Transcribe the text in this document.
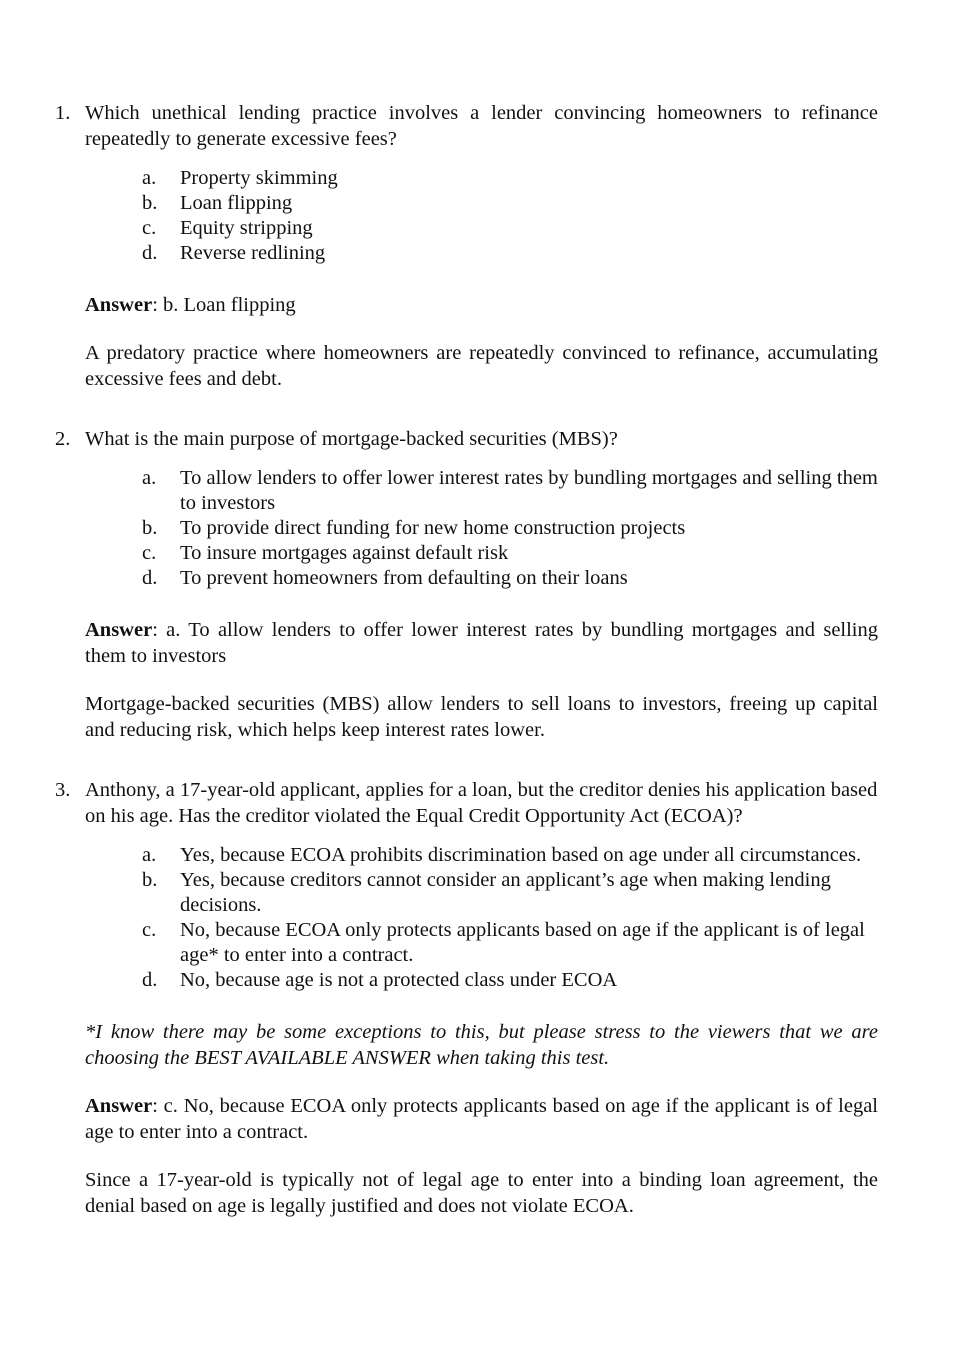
1. Which unethical lending practice involves a lender convincing homeowners to refinance repeatedly to generate excessive fees?

a.	Property skimming
b.	Loan flipping
c.	Equity stripping
d.	Reverse redlining

Answer: b. Loan flipping

A predatory practice where homeowners are repeatedly convinced to refinance, accumulating excessive fees and debt.

2. What is the main purpose of mortgage-backed securities (MBS)?

a.	To allow lenders to offer lower interest rates by bundling mortgages and selling them to investors
b.	To provide direct funding for new home construction projects
c.	To insure mortgages against default risk
d.	To prevent homeowners from defaulting on their loans

Answer: a. To allow lenders to offer lower interest rates by bundling mortgages and selling them to investors

Mortgage-backed securities (MBS) allow lenders to sell loans to investors, freeing up capital and reducing risk, which helps keep interest rates lower.

3. Anthony, a 17-year-old applicant, applies for a loan, but the creditor denies his application based on his age. Has the creditor violated the Equal Credit Opportunity Act (ECOA)?

a.	Yes, because ECOA prohibits discrimination based on age under all circumstances.
b.	Yes, because creditors cannot consider an applicant’s age when making lending decisions.
c.	No, because ECOA only protects applicants based on age if the applicant is of legal age* to enter into a contract.
d.	No, because age is not a protected class under ECOA

*I know there may be some exceptions to this, but please stress to the viewers that we are choosing the BEST AVAILABLE ANSWER when taking this test.

Answer: c. No, because ECOA only protects applicants based on age if the applicant is of legal age to enter into a contract.

Since a 17-year-old is typically not of legal age to enter into a binding loan agreement, the denial based on age is legally justified and does not violate ECOA.
